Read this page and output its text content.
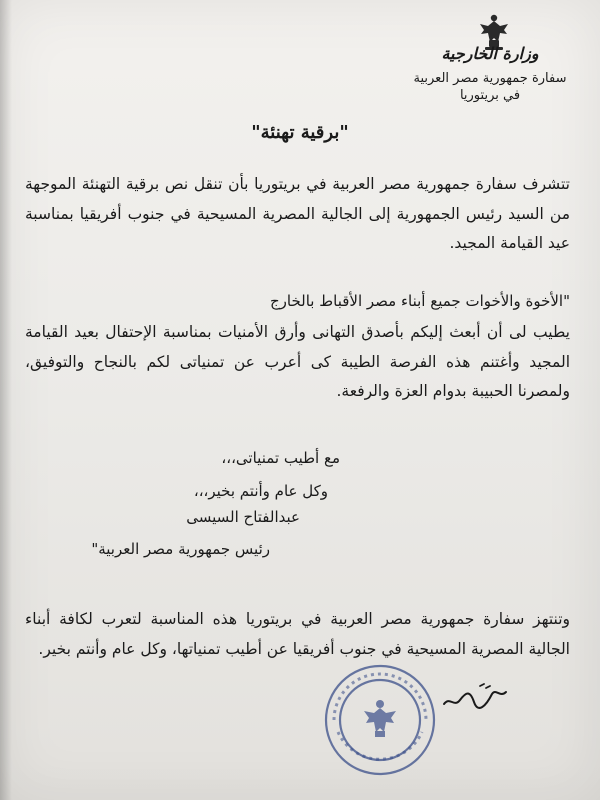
وزارة الخارجية
سفارة جمهورية مصر العربية
في بريتوريا
"برقية تهنئة"
تتشرف سفارة جمهورية مصر العربية في بريتوريا بأن تنقل نص برقية التهنئة الموجهة من السيد رئيس الجمهورية إلى الجالية المصرية المسيحية في جنوب أفريقيا بمناسبة عيد القيامة المجيد.
"الأخوة والأخوات جميع أبناء مصر الأقباط بالخارج
يطيب لى أن أبعث إليكم بأصدق التهانى وأرق الأمنيات بمناسبة الإحتفال بعيد القيامة المجيد وأغتنم هذه الفرصة الطيبة كى أعرب عن تمنياتى لكم بالنجاح والتوفيق، ولمصرنا الحبيبة بدوام العزة والرفعة.
مع أطيب تمنياتى،،،
وكل عام وأنتم بخير،،،
عبدالفتاح السيسى
رئيس جمهورية مصر العربية"
وتنتهز سفارة جمهورية مصر العربية في بريتوريا هذه المناسبة لتعرب لكافة أبناء الجالية المصرية المسيحية في جنوب أفريقيا عن أطيب تمنياتها، وكل عام وأنتم بخير.
